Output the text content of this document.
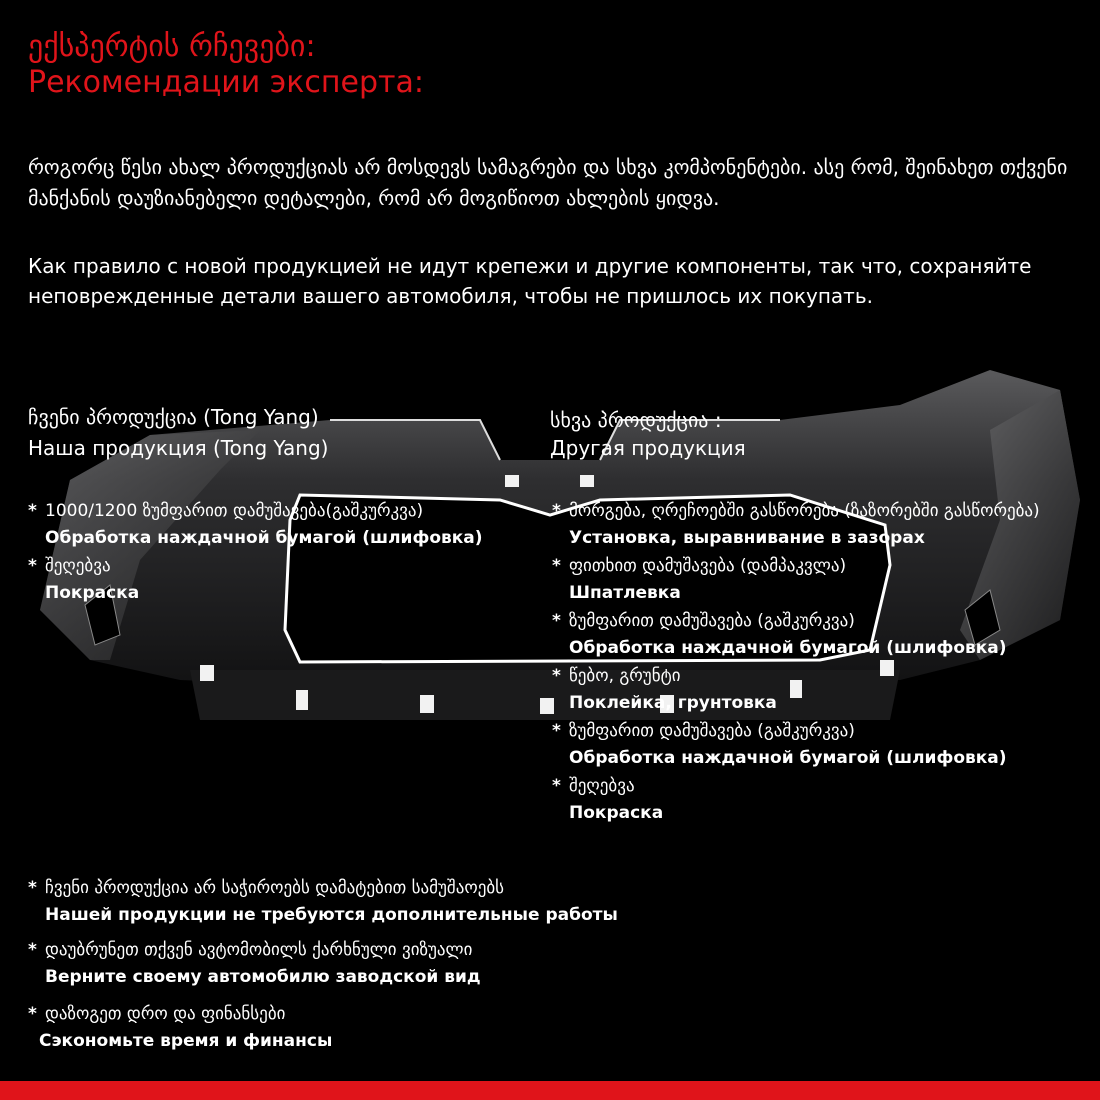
ექსპერტის რჩევები:
Рекомендации эксперта:
როგორც წესი ახალ პროდუქციას არ მოსდევს სამაგრები და სხვა კომპონენტები. ასე რომ, შეინახეთ თქვენი მანქანის დაუზიანებელი დეტალები, რომ არ მოგიწიოთ ახლების ყიდვა.
Как правило с новой продукцией не идут крепежи и другие компоненты, так что, сохраняйте неповрежденные детали вашего автомобиля, чтобы не пришлось их покупать.
ჩვენი პროდუქცია (Tong Yang)
Наша продукция (Tong Yang)
* 1000/1200 ზუმფარით დამუშავება(გაშკურკვა)
Обработка наждачной бумагой (шлифовка)
* შეღებვა
Покраска
სხვა პროდუქცია :
Другая продукция
* მორგება, ღრეჩოებში გასწორება (ზაზორებში გასწორება)
Установка, выравнивание в зазорах
* ფითხით დამუშავება (დამპაკვლა)
Шпатлевка
* ზუმფარით დამუშავება (გაშკურკვა)
Обработка наждачной бумагой (шлифовка)
* წებო, გრუნტი
Поклейка, грунтовка
* ზუმფარით დამუშავება (გაშკურკვა)
Обработка наждачной бумагой (шлифовка)
* შეღებვა
Покраска
* ჩვენი პროდუქცია არ საჭიროებს დამატებით სამუშაოებს
Нашей продукции не требуются дополнительные работы
* დაუბრუნეთ თქვენ ავტომობილს ქარხნული ვიზუალი
Верните своему автомобилю заводской вид
* დაზოგეთ დრო და ფინანსები
Сэкономьте время и финансы
